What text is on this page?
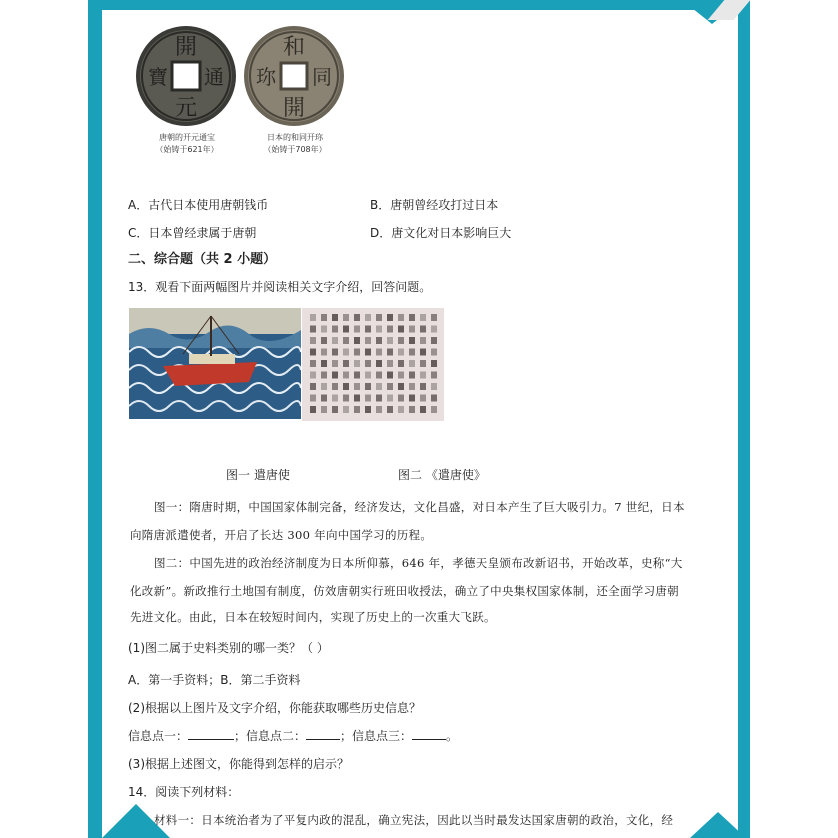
開
元
通
寶
和
同
開
珎
唐朝的开元通宝
（始铸于621年）
日本的和同开珎
（始铸于708年）
A．古代日本使用唐朝钱币	B．唐朝曾经攻打过日本
C．日本曾经隶属于唐朝	D．唐文化对日本影响巨大
二、综合题（共 2 小题）
13．观看下面两幅图片并阅读相关文字介绍，回答问题。
图一 遣唐使	图二 《遣唐使》
图一：隋唐时期，中国国家体制完备，经济发达，文化昌盛，对日本产生了巨大吸引力。7 世纪，日本
向隋唐派遣使者，开启了长达 300 年向中国学习的历程。
图二：中国先进的政治经济制度为日本所仰慕，646 年，孝德天皇颁布改新诏书，开始改革，史称“大
化改新”。新政推行土地国有制度，仿效唐朝实行班田收授法，确立了中央集权国家体制，还全面学习唐朝
先进文化。由此，日本在较短时间内，实现了历史上的一次重大飞跃。
(1)图二属于史料类别的哪一类？（ ）
A．第一手资料；B．第二手资料
(2)根据以上图片及文字介绍，你能获取哪些历史信息？
信息点一：	；信息点二：	；信息点三：	。
(3)根据上述图文，你能得到怎样的启示？
14．阅读下列材料：
材料一：日本统治者为了平复内政的混乱，确立宪法，因此以当时最发达国家唐朝的政治，文化，经
